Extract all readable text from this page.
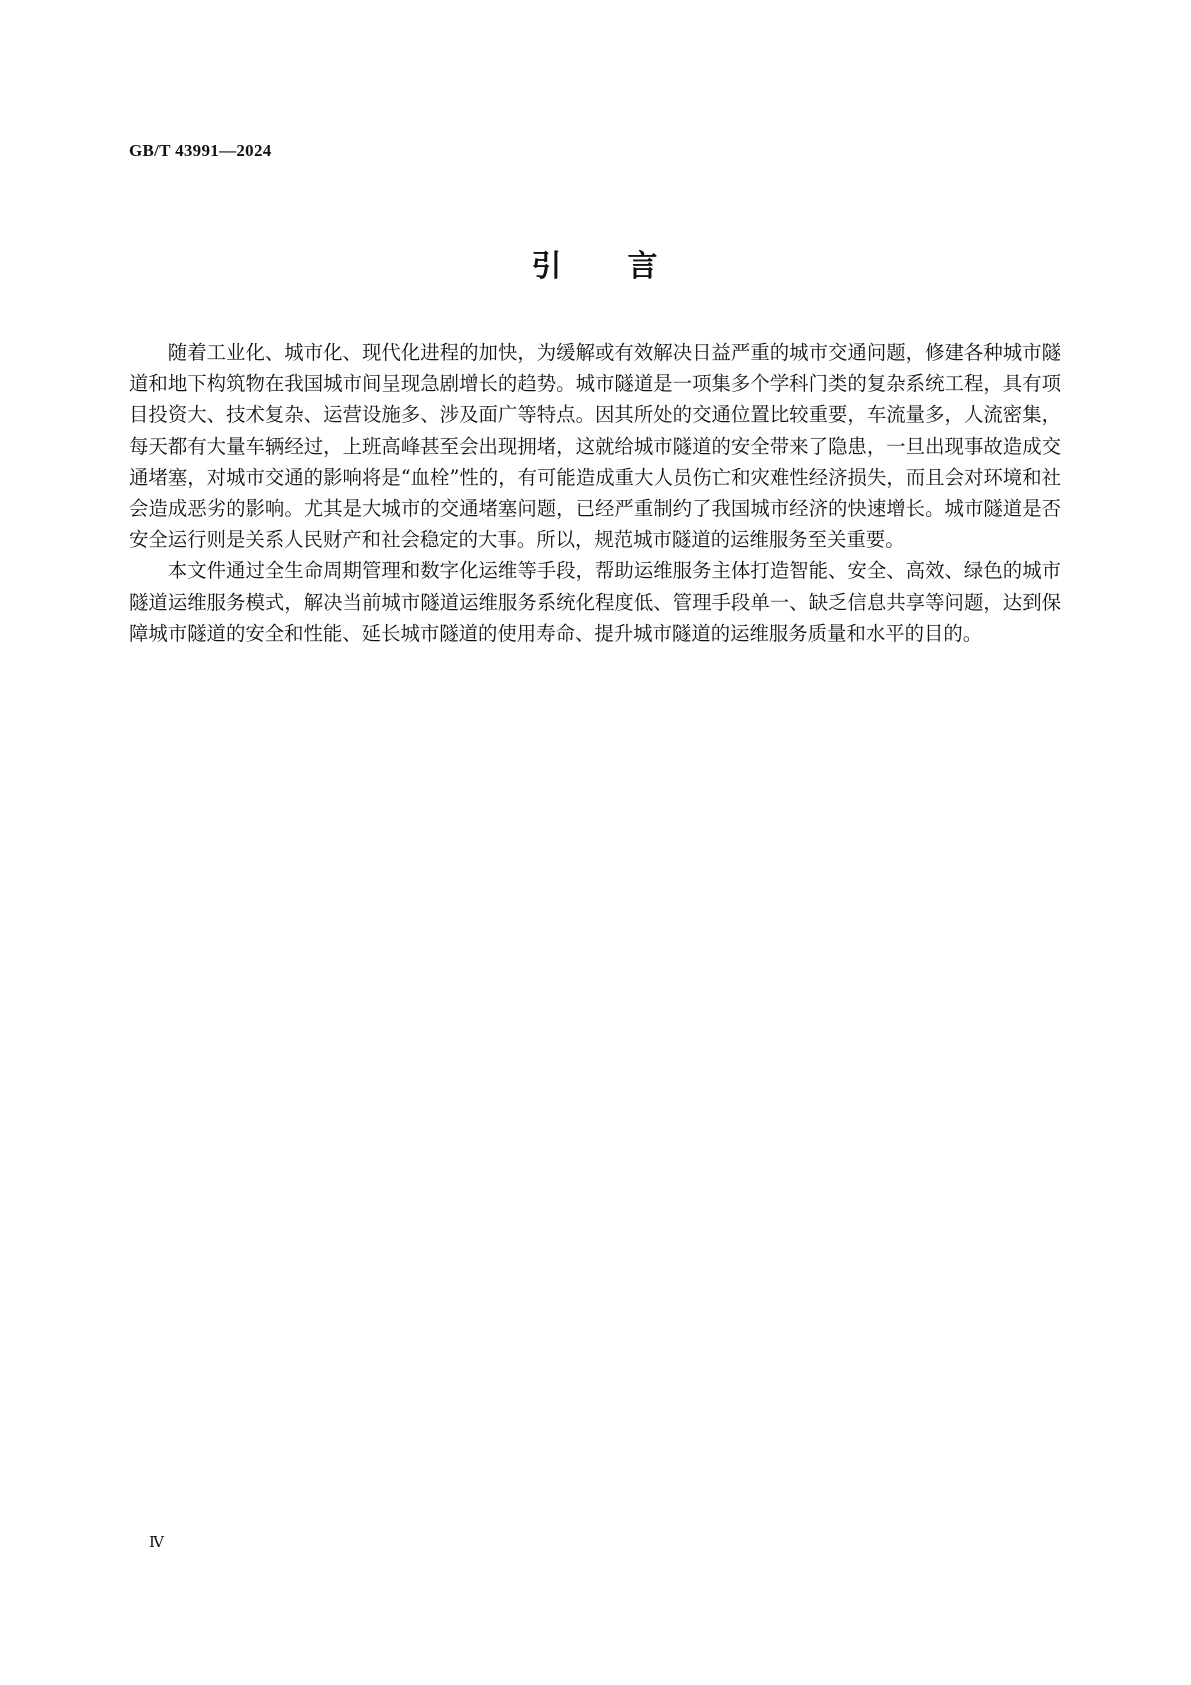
GB/T 43991—2024
引　　言

随着工业化、城市化、现代化进程的加快，为缓解或有效解决日益严重的城市交通问题，修建各种城市隧道和地下构筑物在我国城市间呈现急剧增长的趋势。城市隧道是一项集多个学科门类的复杂系统工程，具有项目投资大、技术复杂、运营设施多、涉及面广等特点。因其所处的交通位置比较重要，车流量多，人流密集，每天都有大量车辆经过，上班高峰甚至会出现拥堵，这就给城市隧道的安全带来了隐患，一旦出现事故造成交通堵塞，对城市交通的影响将是“血栓”性的，有可能造成重大人员伤亡和灾难性经济损失，而且会对环境和社会造成恶劣的影响。尤其是大城市的交通堵塞问题，已经严重制约了我国城市经济的快速增长。城市隧道是否安全运行则是关系人民财产和社会稳定的大事。所以，规范城市隧道的运维服务至关重要。

本文件通过全生命周期管理和数字化运维等手段，帮助运维服务主体打造智能、安全、高效、绿色的城市隧道运维服务模式，解决当前城市隧道运维服务系统化程度低、管理手段单一、缺乏信息共享等问题，达到保障城市隧道的安全和性能、延长城市隧道的使用寿命、提升城市隧道的运维服务质量和水平的目的。

Ⅳ
